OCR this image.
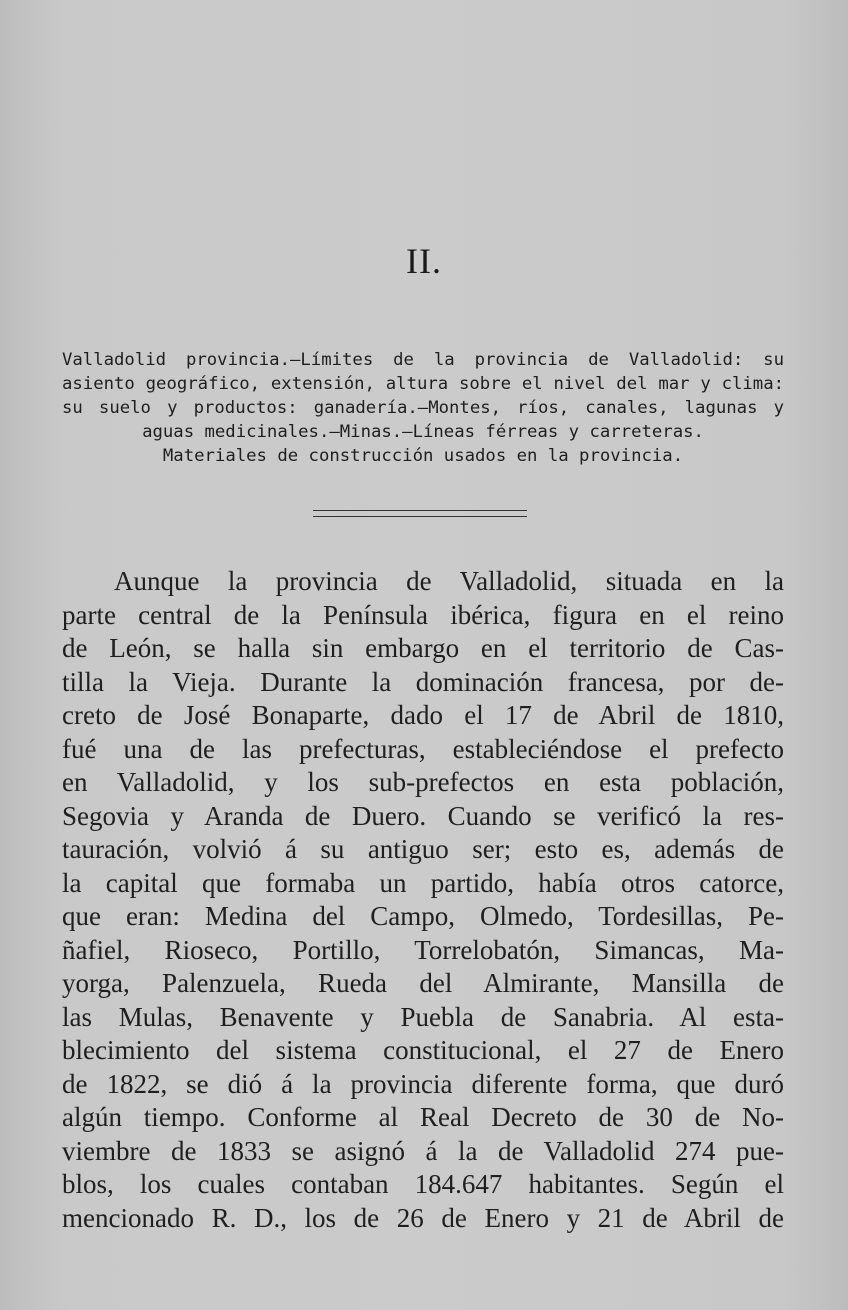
II.
Valladolid provincia.—Límites de la provincia de Valladolid: su
asiento geográfico, extensión, altura sobre el nivel del mar y clima:
su suelo y productos: ganadería.—Montes, ríos, canales, lagunas y
aguas medicinales.—Minas.—Líneas férreas y carreteras.
Materiales de construcción usados en la provincia.
Aunque la provincia de Valladolid, situada en la
parte central de la Península ibérica, figura en el reino
de León, se halla sin embargo en el territorio de Cas-
tilla la Vieja. Durante la dominación francesa, por de-
creto de José Bonaparte, dado el 17 de Abril de 1810,
fué una de las prefecturas, estableciéndose el prefecto
en Valladolid, y los sub-prefectos en esta población,
Segovia y Aranda de Duero. Cuando se verificó la res-
tauración, volvió á su antiguo ser; esto es, además de
la capital que formaba un partido, había otros catorce,
que eran: Medina del Campo, Olmedo, Tordesillas, Pe-
ñafiel, Rioseco, Portillo, Torrelobatón, Simancas, Ma-
yorga, Palenzuela, Rueda del Almirante, Mansilla de
las Mulas, Benavente y Puebla de Sanabria. Al esta-
blecimiento del sistema constitucional, el 27 de Enero
de 1822, se dió á la provincia diferente forma, que duró
algún tiempo. Conforme al Real Decreto de 30 de No-
viembre de 1833 se asignó á la de Valladolid 274 pue-
blos, los cuales contaban 184.647 habitantes. Según el
mencionado R. D., los de 26 de Enero y 21 de Abril de
